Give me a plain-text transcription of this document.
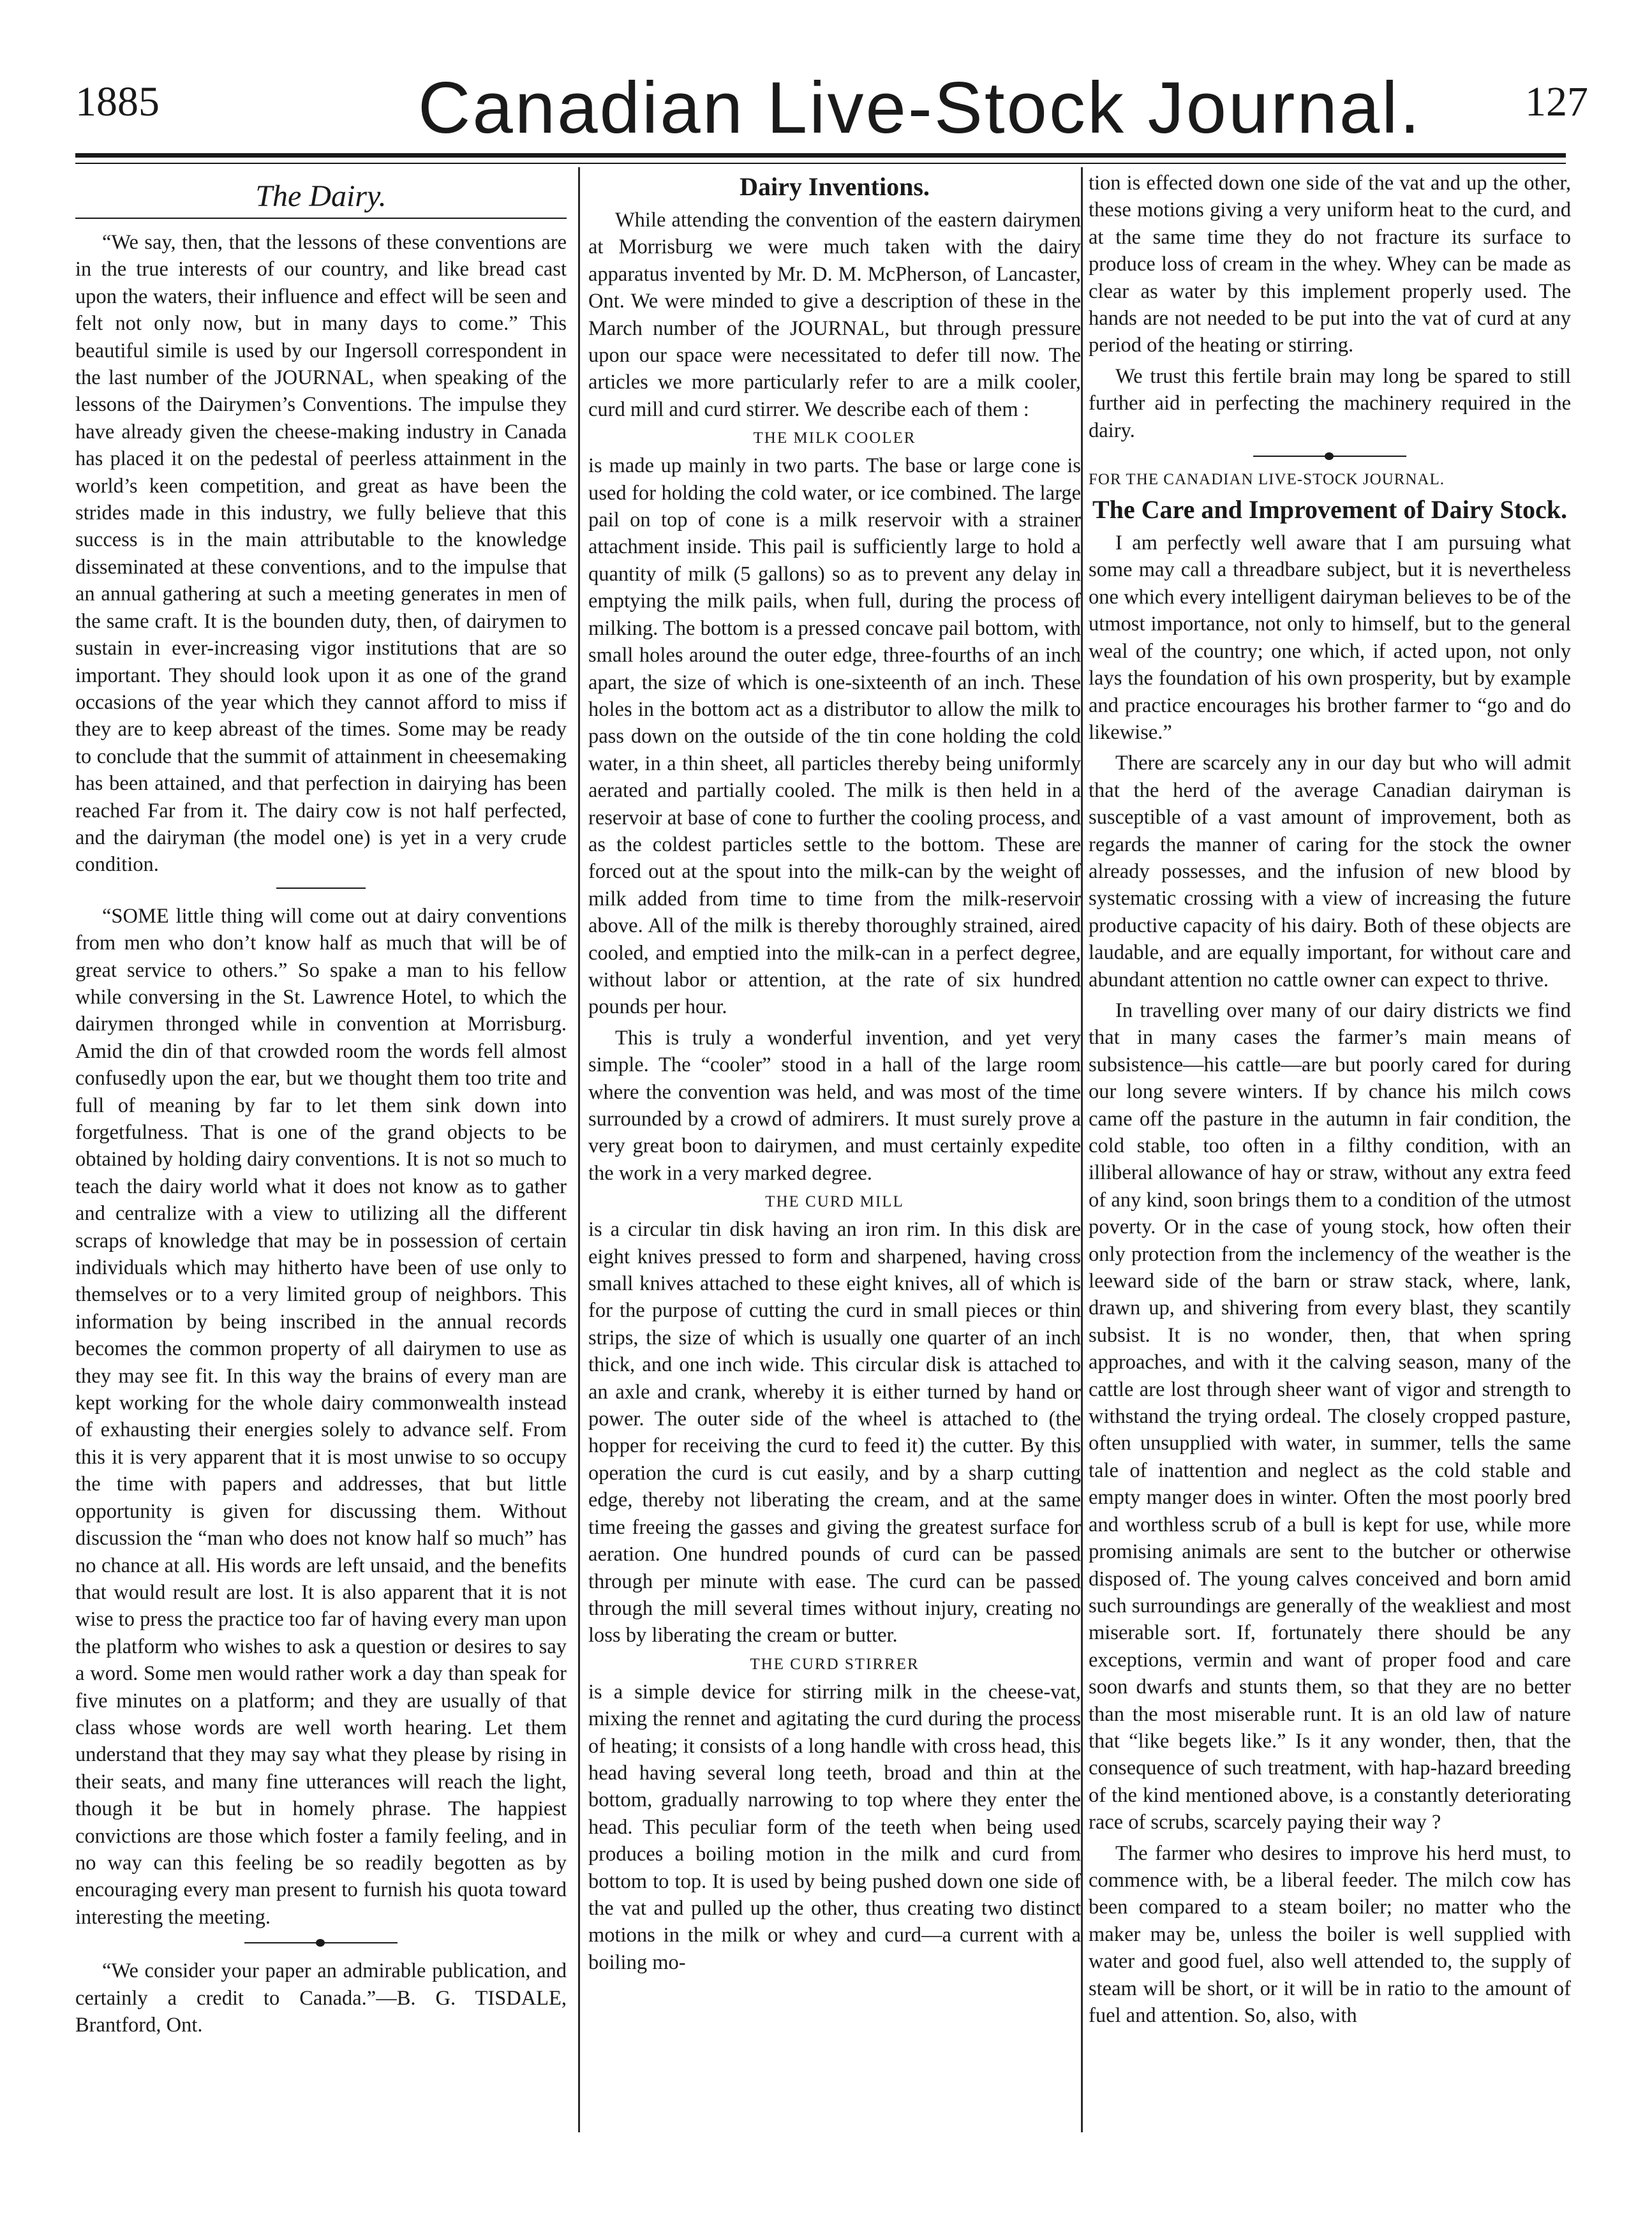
1885	Canadian Live-Stock Journal. 127
The Dairy.

“We say, then, that the lessons of these conventions are in the true interests of our country, and like bread cast upon the waters, their influence and effect will be seen and felt not only now, but in many days to come.” This beautiful simile is used by our Ingersoll correspondent in the last number of the JOURNAL, when speaking of the lessons of the Dairymen’s Conventions. The impulse they have already given the cheese-making industry in Canada has placed it on the pedestal of peerless attainment in the world’s keen competition, and great as have been the strides made in this industry, we fully believe that this success is in the main attributable to the knowledge disseminated at these conventions, and to the impulse that an annual gathering at such a meeting generates in men of the same craft. It is the bounden duty, then, of dairymen to sustain in ever-increasing vigor institutions that are so important. They should look upon it as one of the grand occasions of the year which they cannot afford to miss if they are to keep abreast of the times. Some may be ready to conclude that the summit of attainment in cheesemaking has been attained, and that perfection in dairying has been reached Far from it. The dairy cow is not half perfected, and the dairyman (the model one) is yet in a very crude condition.

“SOME little thing will come out at dairy conventions from men who don’t know half as much that will be of great service to others.” So spake a man to his fellow while conversing in the St. Lawrence Hotel, to which the dairymen thronged while in convention at Morrisburg. Amid the din of that crowded room the words fell almost confusedly upon the ear, but we thought them too trite and full of meaning by far to let them sink down into forgetfulness. That is one of the grand objects to be obtained by holding dairy conventions. It is not so much to teach the dairy world what it does not know as to gather and centralize with a view to utilizing all the different scraps of knowledge that may be in possession of certain individuals which may hitherto have been of use only to themselves or to a very limited group of neighbors. This information by being inscribed in the annual records becomes the common property of all dairymen to use as they may see fit. In this way the brains of every man are kept working for the whole dairy commonwealth instead of exhausting their energies solely to advance self. From this it is very apparent that it is most unwise to so occupy the time with papers and addresses, that but little opportunity is given for discussing them. Without discussion the “man who does not know half so much” has no chance at all. His words are left unsaid, and the benefits that would result are lost. It is also apparent that it is not wise to press the practice too far of having every man upon the platform who wishes to ask a question or desires to say a word. Some men would rather work a day than speak for five minutes on a platform; and they are usually of that class whose words are well worth hearing. Let them understand that they may say what they please by rising in their seats, and many fine utterances will reach the light, though it be but in homely phrase. The happiest convictions are those which foster a family feeling, and in no way can this feeling be so readily begotten as by encouraging every man present to furnish his quota toward interesting the meeting.

“We consider your paper an admirable publication, and certainly a credit to Canada.”—B. G. TISDALE, Brantford, Ont.

Dairy Inventions.

While attending the convention of the eastern dairymen at Morrisburg we were much taken with the dairy apparatus invented by Mr. D. M. McPherson, of Lancaster, Ont. We were minded to give a description of these in the March number of the JOURNAL, but through pressure upon our space were necessitated to defer till now. The articles we more particularly refer to are a milk cooler, curd mill and curd stirrer. We describe each of them :

THE MILK COOLER

is made up mainly in two parts. The base or large cone is used for holding the cold water, or ice combined. The large pail on top of cone is a milk reservoir with a strainer attachment inside. This pail is sufficiently large to hold a quantity of milk (5 gallons) so as to prevent any delay in emptying the milk pails, when full, during the process of milking. The bottom is a pressed concave pail bottom, with small holes around the outer edge, three-fourths of an inch apart, the size of which is one-sixteenth of an inch. These holes in the bottom act as a distributor to allow the milk to pass down on the outside of the tin cone holding the cold water, in a thin sheet, all particles thereby being uniformly aerated and partially cooled. The milk is then held in a reservoir at base of cone to further the cooling process, and as the coldest particles settle to the bottom. These are forced out at the spout into the milk-can by the weight of milk added from time to time from the milk-reservoir above. All of the milk is thereby thoroughly strained, aired cooled, and emptied into the milk-can in a perfect degree, without labor or attention, at the rate of six hundred pounds per hour.

This is truly a wonderful invention, and yet very simple. The “cooler” stood in a hall of the large room where the convention was held, and was most of the time surrounded by a crowd of admirers. It must surely prove a very great boon to dairymen, and must certainly expedite the work in a very marked degree.

THE CURD MILL

is a circular tin disk having an iron rim. In this disk are eight knives pressed to form and sharpened, having cross small knives attached to these eight knives, all of which is for the purpose of cutting the curd in small pieces or thin strips, the size of which is usually one quarter of an inch thick, and one inch wide. This circular disk is attached to an axle and crank, whereby it is either turned by hand or power. The outer side of the wheel is attached to (the hopper for receiving the curd to feed it) the cutter. By this operation the curd is cut easily, and by a sharp cutting edge, thereby not liberating the cream, and at the same time freeing the gasses and giving the greatest surface for aeration. One hundred pounds of curd can be passed through per minute with ease. The curd can be passed through the mill several times without injury, creating no loss by liberating the cream or butter.

THE CURD STIRRER

is a simple device for stirring milk in the cheese-vat, mixing the rennet and agitating the curd during the process of heating; it consists of a long handle with cross head, this head having several long teeth, broad and thin at the bottom, gradually narrowing to top where they enter the head. This peculiar form of the teeth when being used produces a boiling motion in the milk and curd from bottom to top. It is used by being pushed down one side of the vat and pulled up the other, thus creating two distinct motions in the milk or whey and curd—a current with a boiling mo-

tion is effected down one side of the vat and up the other, these motions giving a very uniform heat to the curd, and at the same time they do not fracture its surface to produce loss of cream in the whey. Whey can be made as clear as water by this implement properly used. The hands are not needed to be put into the vat of curd at any period of the heating or stirring.

We trust this fertile brain may long be spared to still further aid in perfecting the machinery required in the dairy.

FOR THE CANADIAN LIVE-STOCK JOURNAL.
The Care and Improvement of Dairy Stock.

I am perfectly well aware that I am pursuing what some may call a threadbare subject, but it is nevertheless one which every intelligent dairyman believes to be of the utmost importance, not only to himself, but to the general weal of the country; one which, if acted upon, not only lays the foundation of his own prosperity, but by example and practice encourages his brother farmer to “go and do likewise.”

There are scarcely any in our day but who will admit that the herd of the average Canadian dairyman is susceptible of a vast amount of improvement, both as regards the manner of caring for the stock the owner already possesses, and the infusion of new blood by systematic crossing with a view of increasing the future productive capacity of his dairy. Both of these objects are laudable, and are equally important, for without care and abundant attention no cattle owner can expect to thrive.

In travelling over many of our dairy districts we find that in many cases the farmer’s main means of subsistence—his cattle—are but poorly cared for during our long severe winters. If by chance his milch cows came off the pasture in the autumn in fair condition, the cold stable, too often in a filthy condition, with an illiberal allowance of hay or straw, without any extra feed of any kind, soon brings them to a condition of the utmost poverty. Or in the case of young stock, how often their only protection from the inclemency of the weather is the leeward side of the barn or straw stack, where, lank, drawn up, and shivering from every blast, they scantily subsist. It is no wonder, then, that when spring approaches, and with it the calving season, many of the cattle are lost through sheer want of vigor and strength to withstand the trying ordeal. The closely cropped pasture, often unsupplied with water, in summer, tells the same tale of inattention and neglect as the cold stable and empty manger does in winter. Often the most poorly bred and worthless scrub of a bull is kept for use, while more promising animals are sent to the butcher or otherwise disposed of. The young calves conceived and born amid such surroundings are generally of the weakliest and most miserable sort. If, fortunately there should be any exceptions, vermin and want of proper food and care soon dwarfs and stunts them, so that they are no better than the most miserable runt. It is an old law of nature that “like begets like.” Is it any wonder, then, that the consequence of such treatment, with hap-hazard breeding of the kind mentioned above, is a constantly deteriorating race of scrubs, scarcely paying their way ?

The farmer who desires to improve his herd must, to commence with, be a liberal feeder. The milch cow has been compared to a steam boiler; no matter who the maker may be, unless the boiler is well supplied with water and good fuel, also well attended to, the supply of steam will be short, or it will be in ratio to the amount of fuel and attention. So, also, with
